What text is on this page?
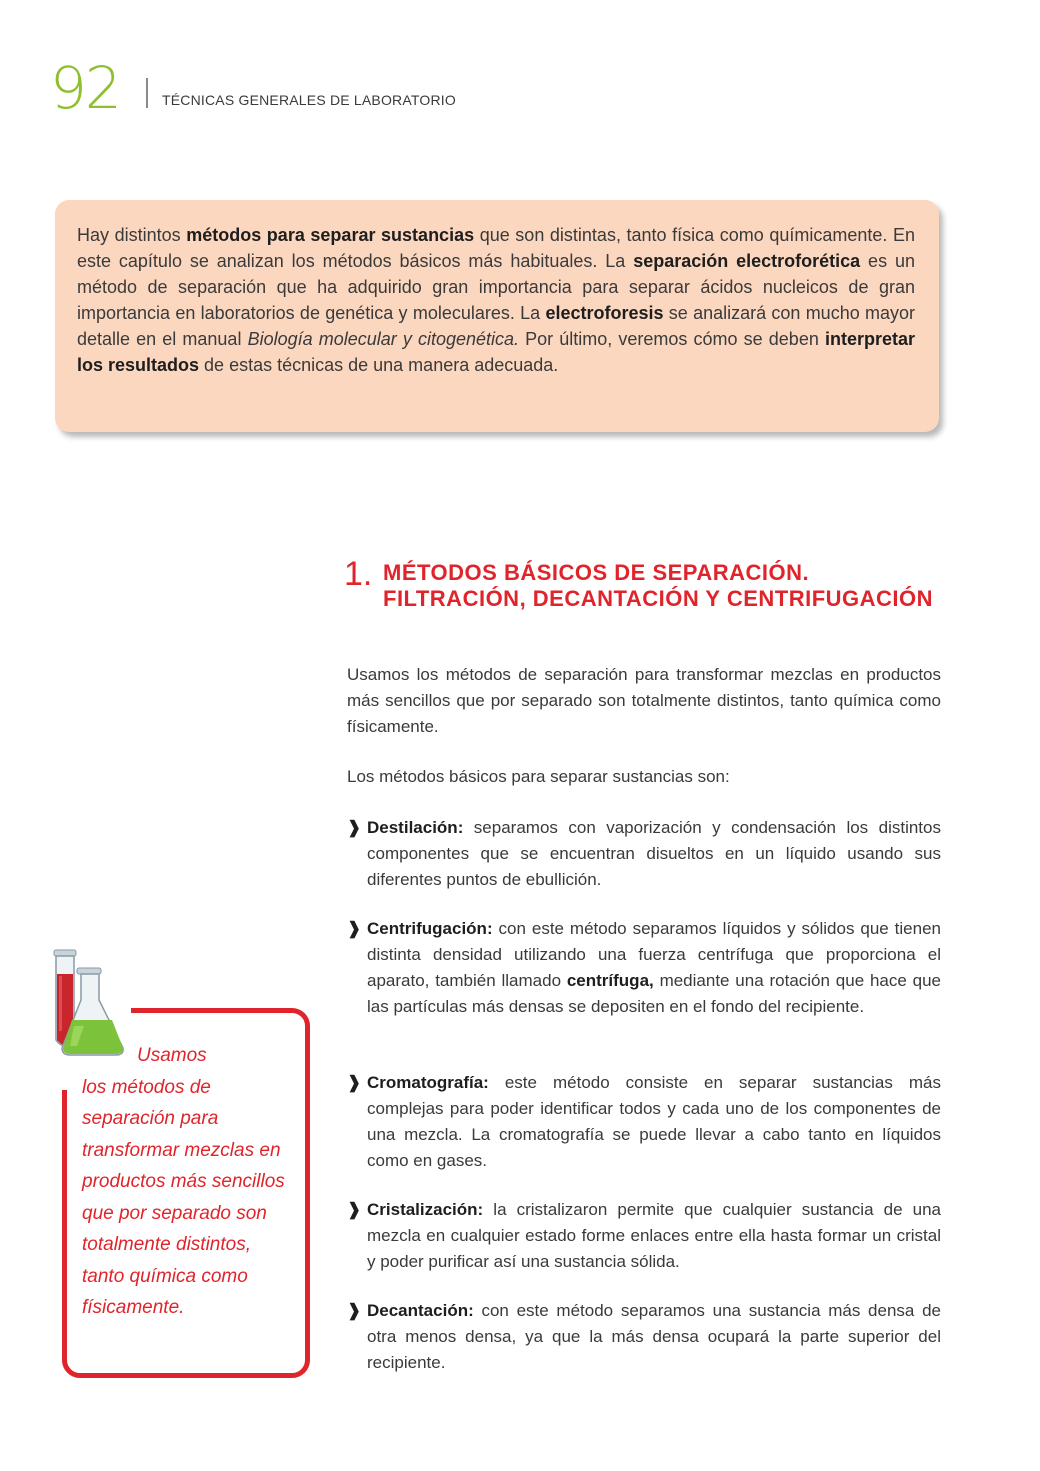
92	TÉCNICAS GENERALES DE LABORATORIO
Hay distintos métodos para separar sustancias que son distintas, tanto física como químicamente. En este capítulo se analizan los métodos básicos más habituales. La separación electroforética es un método de separación que ha adquirido gran importancia para separar ácidos nucleicos de gran importancia en laboratorios de genética y moleculares. La electroforesis se analizará con mucho mayor detalle en el manual Biología molecular y citogenética. Por último, veremos cómo se deben interpretar los resultados de estas técnicas de una manera adecuada.
1. MÉTODOS BÁSICOS DE SEPARACIÓN. FILTRACIÓN, DECANTACIÓN Y CENTRIFUGACIÓN

Usamos los métodos de separación para transformar mezclas en productos más sencillos que por separado son totalmente distintos, tanto química como físicamente.

Los métodos básicos para separar sustancias son:

❱ Destilación: separamos con vaporización y condensación los distintos componentes que se encuentran disueltos en un líquido usando sus diferentes puntos de ebullición.
❱ Centrifugación: con este método separamos líquidos y sólidos que tienen distinta densidad utilizando una fuerza centrífuga que proporciona el aparato, también llamado centrífuga, mediante una rotación que hace que las partículas más densas se depositen en el fondo del recipiente.
❱ Cromatografía: este método consiste en separar sustancias más complejas para poder identificar todos y cada uno de los componentes de una mezcla. La cromatografía se puede llevar a cabo tanto en líquidos como en gases.
❱ Cristalización: la cristalizaron permite que cualquier sustancia de una mezcla en cualquier estado forme enlaces entre ella hasta formar un cristal y poder purificar así una sustancia sólida.
❱ Decantación: con este método separamos una sustancia más densa de otra menos densa, ya que la más densa ocupará la parte superior del recipiente.
Usamos
los métodos de separación para transformar mezclas en productos más sencillos que por separado son totalmente distintos, tanto química como físicamente.
